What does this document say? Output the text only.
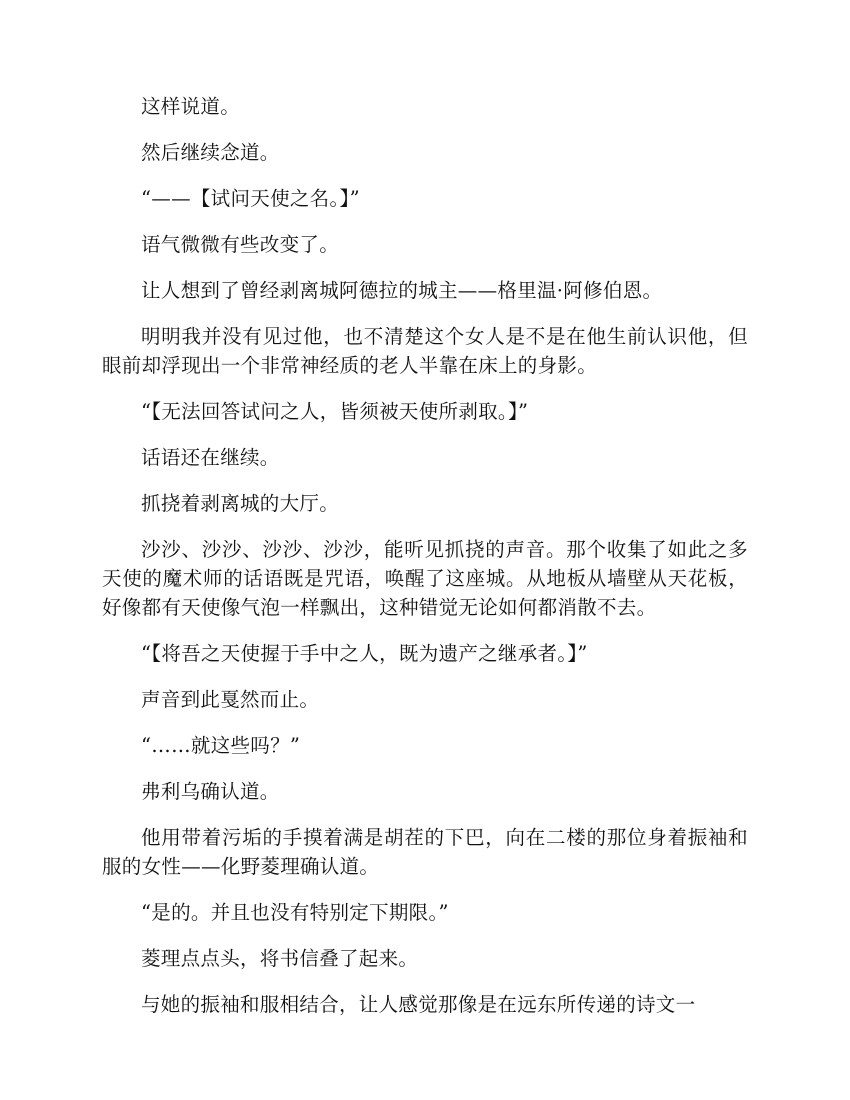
这样说道。

然后继续念道。

“——【试问天使之名。】”

语气微微有些改变了。

让人想到了曾经剥离城阿德拉的城主——格里温·阿修伯恩。

明明我并没有见过他，也不清楚这个女人是不是在他生前认识他，但眼前却浮现出一个非常神经质的老人半靠在床上的身影。

“【无法回答试问之人，皆须被天使所剥取。】”

话语还在继续。

抓挠着剥离城的大厅。

沙沙、沙沙、沙沙、沙沙，能听见抓挠的声音。那个收集了如此之多天使的魔术师的话语既是咒语，唤醒了这座城。从地板从墙壁从天花板，好像都有天使像气泡一样飘出，这种错觉无论如何都消散不去。

“【将吾之天使握于手中之人，既为遗产之继承者。】”

声音到此戛然而止。

“……就这些吗？”

弗利乌确认道。

他用带着污垢的手摸着满是胡茬的下巴，向在二楼的那位身着振袖和服的女性——化野菱理确认道。

“是的。并且也没有特别定下期限。”

菱理点点头，将书信叠了起来。

与她的振袖和服相结合，让人感觉那像是在远东所传递的诗文一
